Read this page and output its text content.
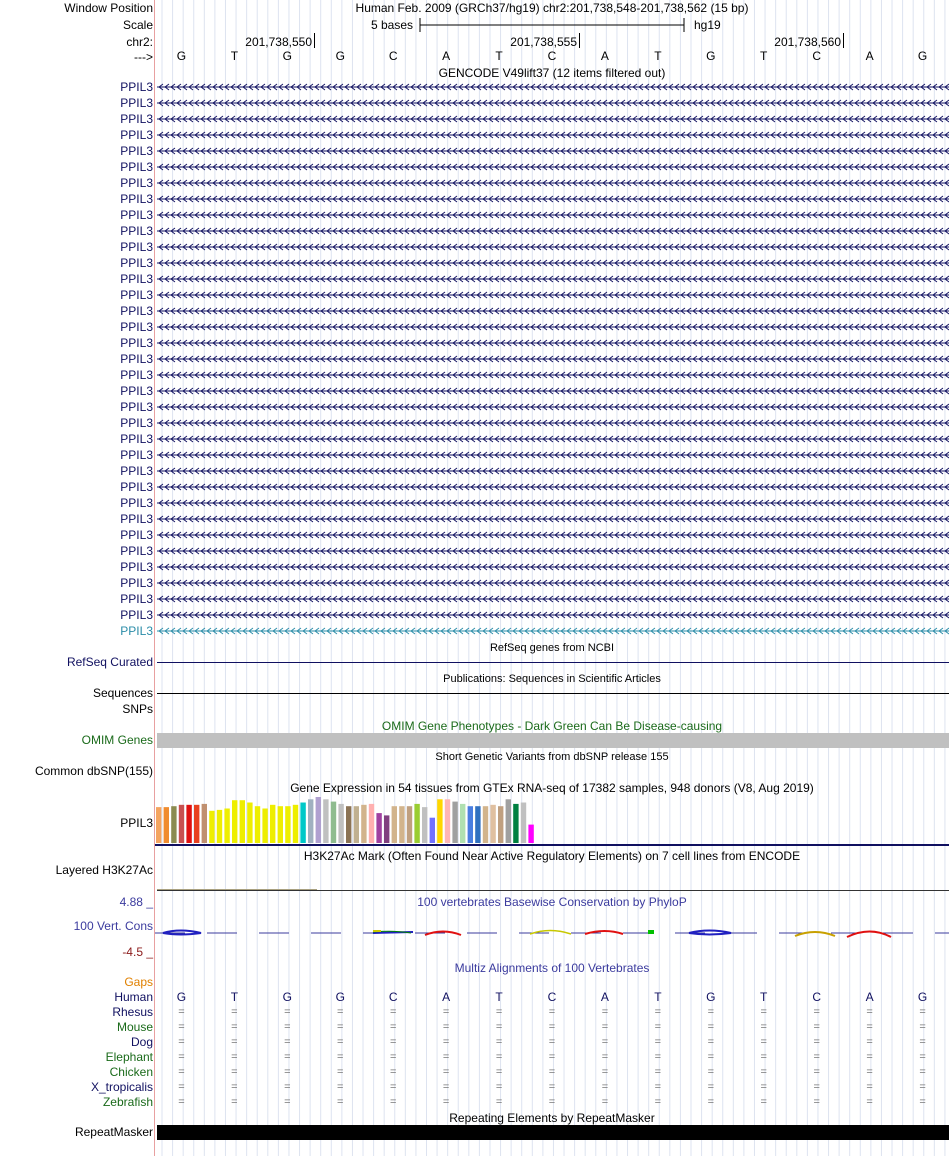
Window Position	Human Feb. 2009 (GRCh37/hg19) chr2:201,738,548-201,738,562 (15 bp)
Scale	5 bases	hg19
chr2:	201,738,550	201,738,555	201,738,560
--->	G	T	G	G	C	A	T	C	A	T	G	T	C	A	G
GENCODE V49lift37 (12 items filtered out)
PPIL3
PPIL3
PPIL3
PPIL3
PPIL3
PPIL3
PPIL3
PPIL3
PPIL3
PPIL3
PPIL3
PPIL3
PPIL3
PPIL3
PPIL3
PPIL3
PPIL3
PPIL3
PPIL3
PPIL3
PPIL3
PPIL3
PPIL3
PPIL3
PPIL3
PPIL3
PPIL3
PPIL3
PPIL3
PPIL3
PPIL3
PPIL3
PPIL3
PPIL3
PPIL3
RefSeq genes from NCBI
RefSeq Curated
Publications: Sequences in Scientific Articles
Sequences
SNPs
OMIM Gene Phenotypes - Dark Green Can Be Disease-causing
OMIM Genes
Short Genetic Variants from dbSNP release 155
Common dbSNP(155)
Gene Expression in 54 tissues from GTEx RNA-seq of 17382 samples, 948 donors (V8, Aug 2019)
PPIL3
H3K27Ac Mark (Often Found Near Active Regulatory Elements) on 7 cell lines from ENCODE
Layered H3K27Ac
4.88 _	100 vertebrates Basewise Conservation by PhyloP
100 Vert. Cons
-4.5 _
Multiz Alignments of 100 Vertebrates
Gaps
Human	G	T	G	G	C	A	T	C	A	T	G	T	C	A	G
Rhesus	=	=	=	=	=	=	=	=	=	=	=	=	=	=	=
Mouse	=	=	=	=	=	=	=	=	=	=	=	=	=	=	=
Dog	=	=	=	=	=	=	=	=	=	=	=	=	=	=	=
Elephant	=	=	=	=	=	=	=	=	=	=	=	=	=	=	=
Chicken	=	=	=	=	=	=	=	=	=	=	=	=	=	=	=
X_tropicalis	=	=	=	=	=	=	=	=	=	=	=	=	=	=	=
Zebrafish	=	=	=	=	=	=	=	=	=	=	=	=	=	=	=
Repeating Elements by RepeatMasker
RepeatMasker
